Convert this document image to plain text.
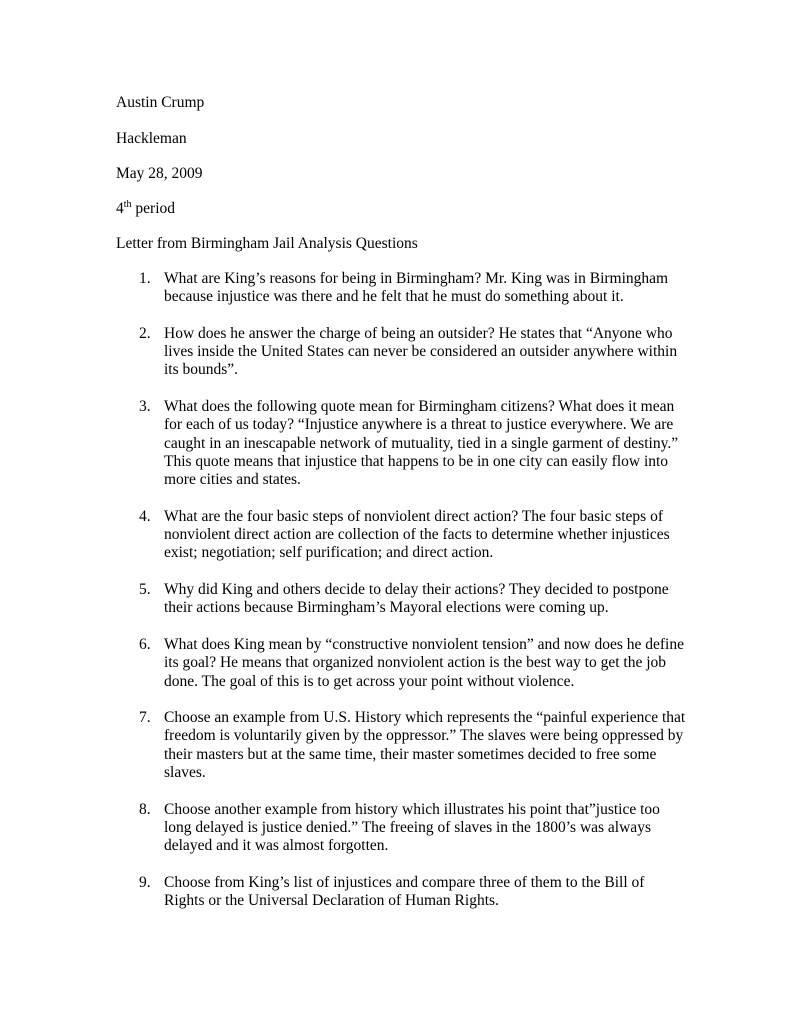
Austin Crump
Hackleman
May 28, 2009
4th period
Letter from Birmingham Jail Analysis Questions
1. What are King’s reasons for being in Birmingham? Mr. King was in Birmingham because injustice was there and he felt that he must do something about it.
2. How does he answer the charge of being an outsider? He states that “Anyone who lives inside the United States can never be considered an outsider anywhere within its bounds”.
3. What does the following quote mean for Birmingham citizens? What does it mean for each of us today? “Injustice anywhere is a threat to justice everywhere. We are caught in an inescapable network of mutuality, tied in a single garment of destiny.” This quote means that injustice that happens to be in one city can easily flow into more cities and states.
4. What are the four basic steps of nonviolent direct action? The four basic steps of nonviolent direct action are collection of the facts to determine whether injustices exist; negotiation; self purification; and direct action.
5. Why did King and others decide to delay their actions? They decided to postpone their actions because Birmingham’s Mayoral elections were coming up.
6. What does King mean by “constructive nonviolent tension” and now does he define its goal? He means that organized nonviolent action is the best way to get the job done. The goal of this is to get across your point without violence.
7. Choose an example from U.S. History which represents the “painful experience that freedom is voluntarily given by the oppressor.” The slaves were being oppressed by their masters but at the same time, their master sometimes decided to free some slaves.
8. Choose another example from history which illustrates his point that”justice too long delayed is justice denied.” The freeing of slaves in the 1800’s was always delayed and it was almost forgotten.
9. Choose from King’s list of injustices and compare three of them to the Bill of Rights or the Universal Declaration of Human Rights.
